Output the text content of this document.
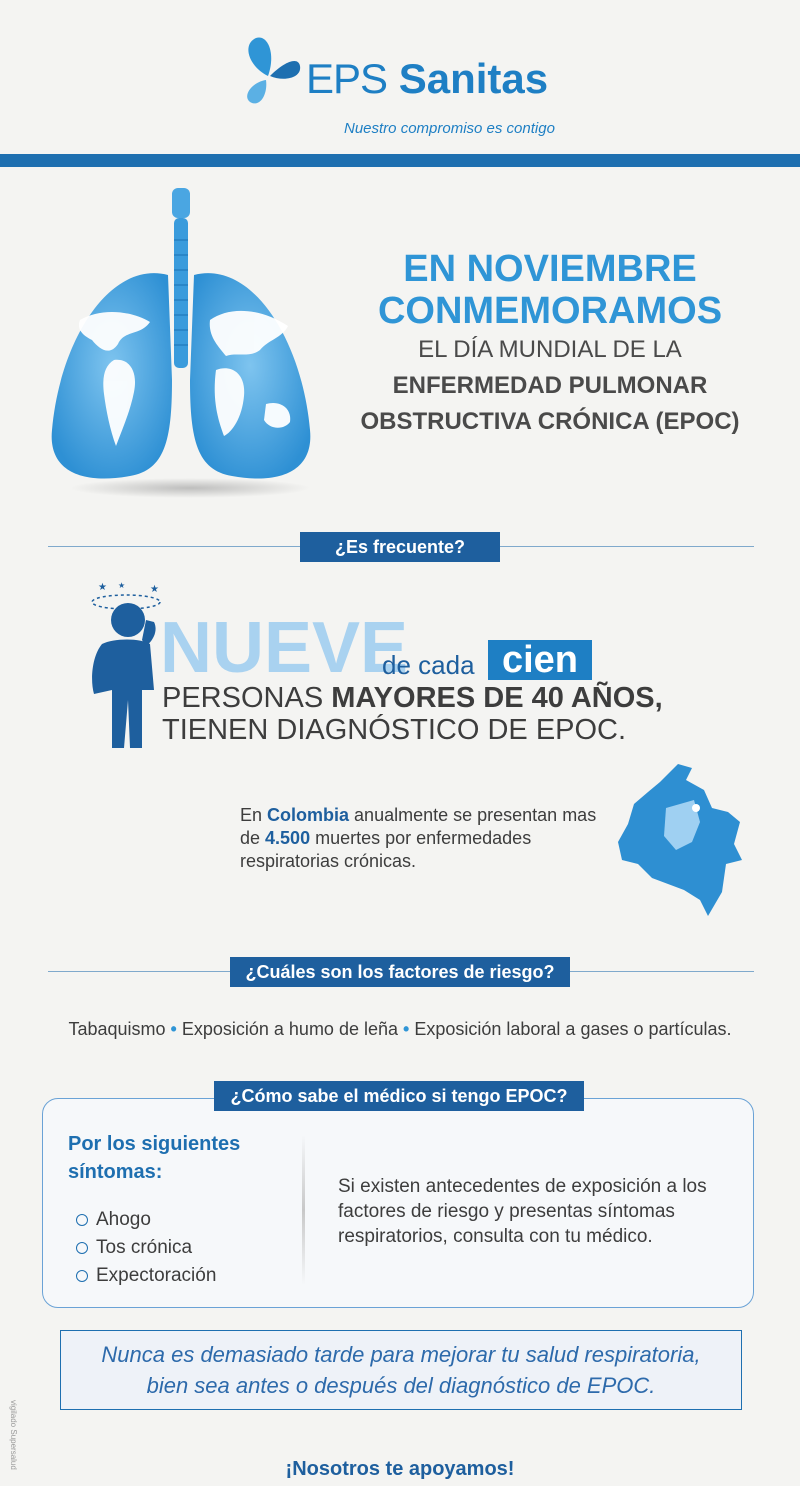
EPS Sanitas
Nuestro compromiso es contigo
EN NOVIEMBRE
CONMEMORAMOS
EL DÍA MUNDIAL DE LA
ENFERMEDAD PULMONAR
OBSTRUCTIVA CRÓNICA (EPOC)
¿Es frecuente?
★	★
★
NUEVE
de cada cien
PERSONAS MAYORES DE 40 AÑOS,
TIENEN DIAGNÓSTICO DE EPOC.
En Colombia anualmente se presentan mas de 4.500 muertes por enfermedades respiratorias crónicas.
¿Cuáles son los factores de riesgo?
Tabaquismo • Exposición a humo de leña • Exposición laboral a gases o partículas.
¿Cómo sabe el médico si tengo EPOC?
Por los siguientes síntomas:
Ahogo
Tos crónica
Expectoración
Si existen antecedentes de exposición a los factores de riesgo y presentas síntomas respiratorios, consulta con tu médico.
Nunca es demasiado tarde para mejorar tu salud respiratoria,
bien sea antes o después del diagnóstico de EPOC.
¡Nosotros te apoyamos!
vigilado Supersalud
